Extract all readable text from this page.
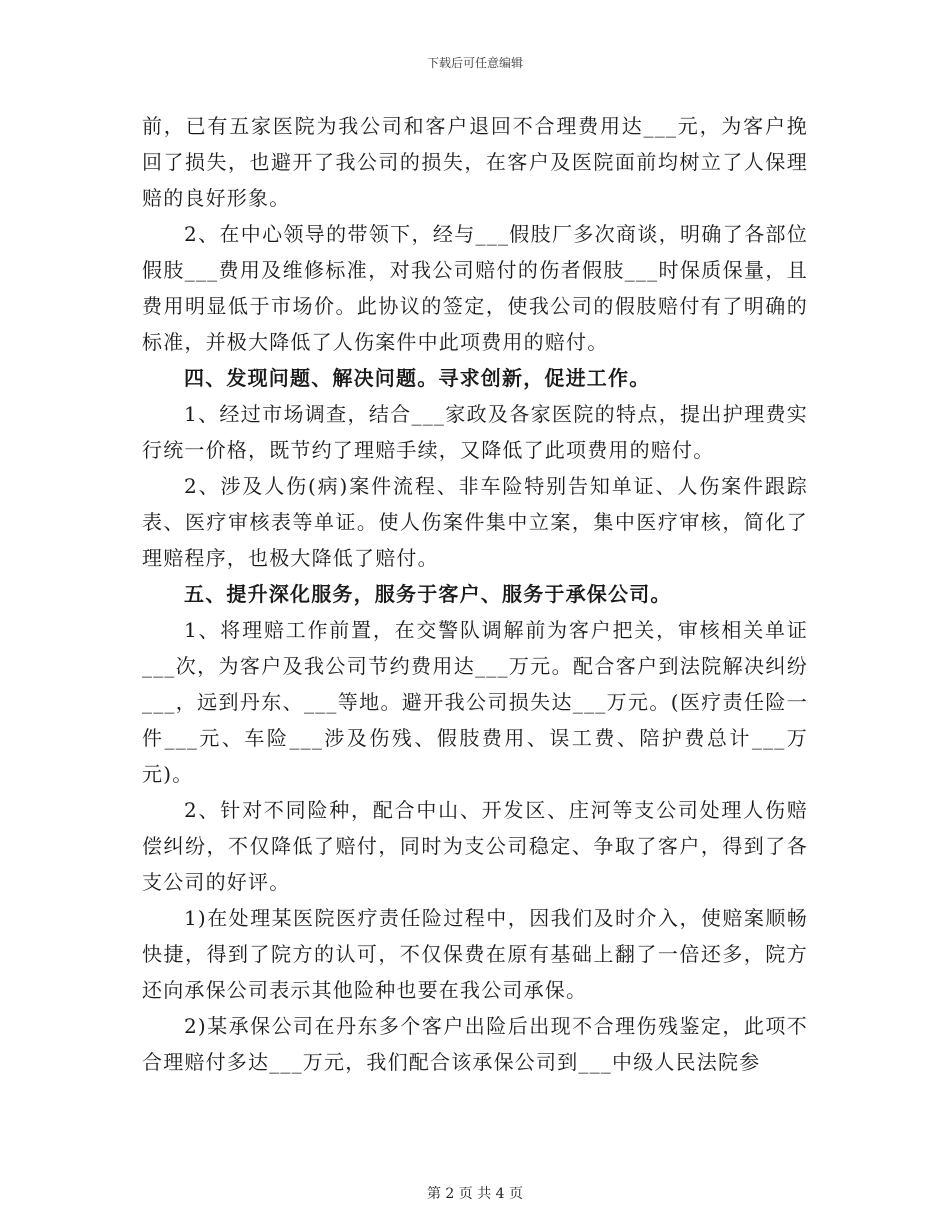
下载后可任意编辑

前，已有五家医院为我公司和客户退回不合理费用达___元，为客户挽回了损失，也避开了我公司的损失，在客户及医院面前均树立了人保理赔的良好形象。

2、在中心领导的带领下，经与___假肢厂多次商谈，明确了各部位假肢___费用及维修标准，对我公司赔付的伤者假肢___时保质保量，且费用明显低于市场价。此协议的签定，使我公司的假肢赔付有了明确的标准，并极大降低了人伤案件中此项费用的赔付。

四、发现问题、解决问题。寻求创新，促进工作。

1、经过市场调查，结合___家政及各家医院的特点，提出护理费实行统一价格，既节约了理赔手续，又降低了此项费用的赔付。

2、涉及人伤(病)案件流程、非车险特别告知单证、人伤案件跟踪表、医疗审核表等单证。使人伤案件集中立案，集中医疗审核，简化了理赔程序，也极大降低了赔付。

五、提升深化服务，服务于客户、服务于承保公司。

1、将理赔工作前置，在交警队调解前为客户把关，审核相关单证___次，为客户及我公司节约费用达___万元。配合客户到法院解决纠纷___，远到丹东、___等地。避开我公司损失达___万元。(医疗责任险一件___元、车险___涉及伤残、假肢费用、误工费、陪护费总计___万元)。

2、针对不同险种，配合中山、开发区、庄河等支公司处理人伤赔偿纠纷，不仅降低了赔付，同时为支公司稳定、争取了客户，得到了各支公司的好评。

1)在处理某医院医疗责任险过程中，因我们及时介入，使赔案顺畅快捷，得到了院方的认可，不仅保费在原有基础上翻了一倍还多，院方还向承保公司表示其他险种也要在我公司承保。

2)某承保公司在丹东多个客户出险后出现不合理伤残鉴定，此项不合理赔付多达___万元，我们配合该承保公司到___中级人民法院参

第 2 页 共 4 页
